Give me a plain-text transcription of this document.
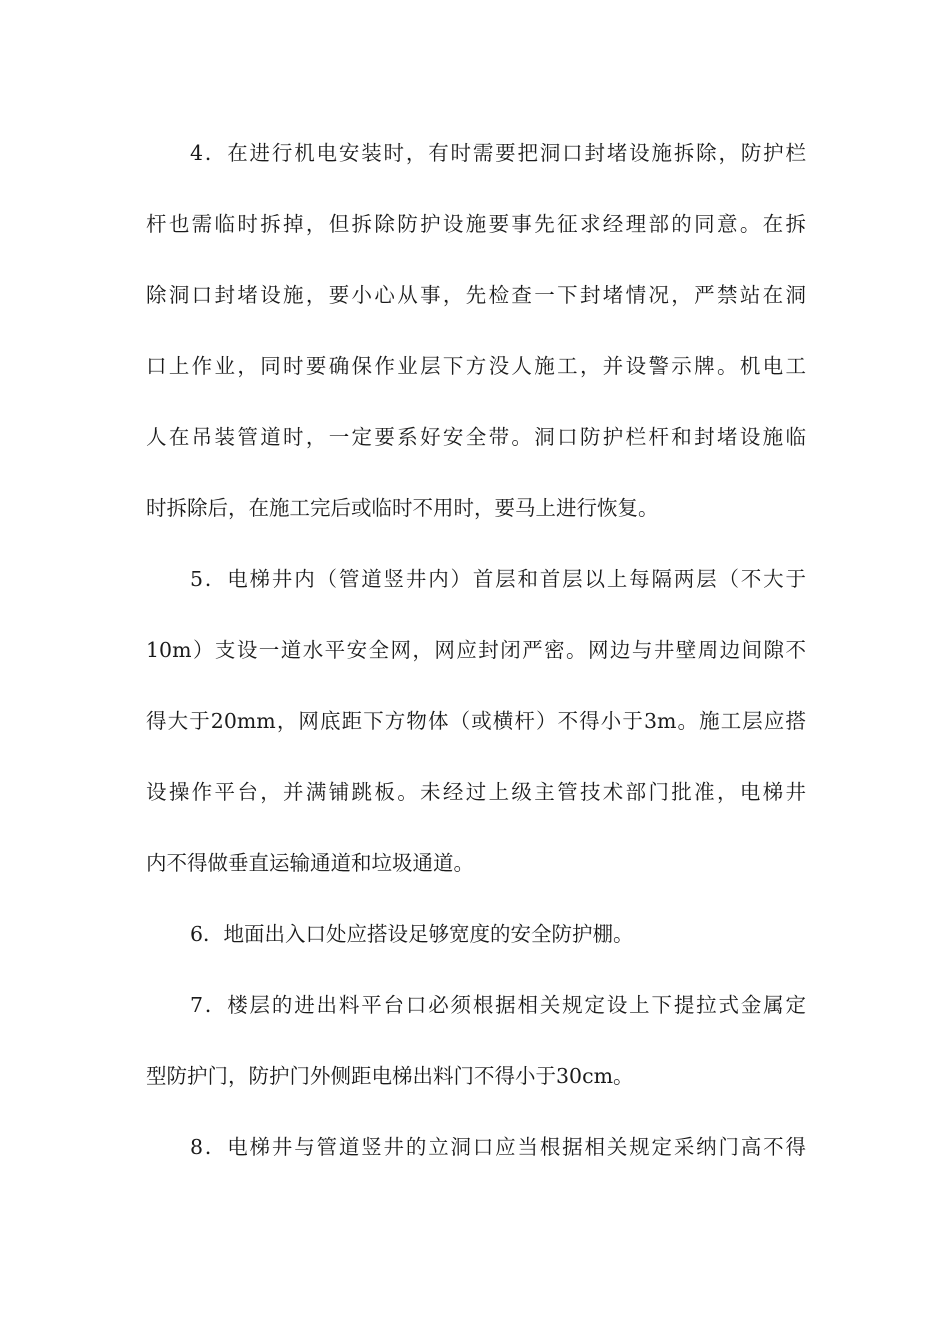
4．在进行机电安装时，有时需要把洞口封堵设施拆除，防护栏
杆也需临时拆掉，但拆除防护设施要事先征求经理部的同意。在拆
除洞口封堵设施，要小心从事，先检查一下封堵情况，严禁站在洞
口上作业，同时要确保作业层下方没人施工，并设警示牌。机电工
人在吊装管道时，一定要系好安全带。洞口防护栏杆和封堵设施临
时拆除后，在施工完后或临时不用时，要马上进行恢复。
5．电梯井内（管道竖井内）首层和首层以上每隔两层（不大于
10m）支设一道水平安全网，网应封闭严密。网边与井壁周边间隙不
得大于20mm，网底距下方物体（或横杆）不得小于3m。施工层应搭
设操作平台，并满铺跳板。未经过上级主管技术部门批准，电梯井
内不得做垂直运输通道和垃圾通道。
6．地面出入口处应搭设足够宽度的安全防护棚。
7．楼层的进出料平台口必须根据相关规定设上下提拉式金属定
型防护门，防护门外侧距电梯出料门不得小于30cm。
8．电梯井与管道竖井的立洞口应当根据相关规定采纳门高不得
